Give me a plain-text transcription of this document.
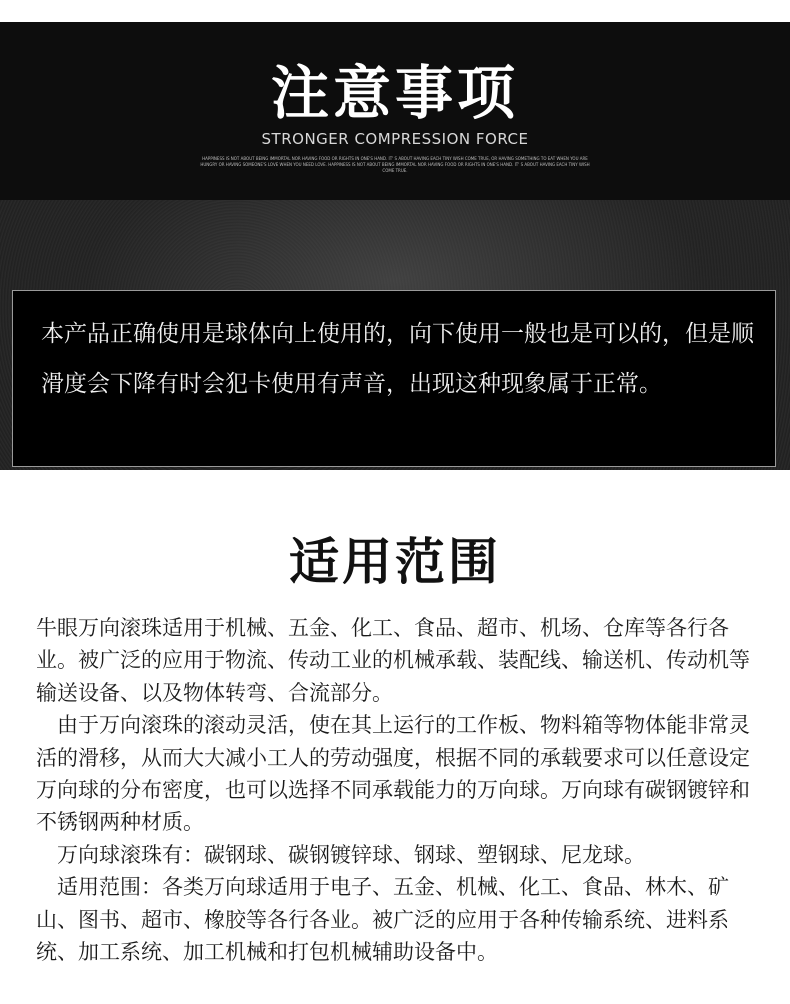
注意事项
STRONGER COMPRESSION FORCE
HAPPINESS IS NOT ABOUT BEING IMMORTAL NOR HAVING FOOD OR RIGHTS IN ONE'S HAND. IT' S ABOUT HAVING EACH TINY WISH COME TRUE, OR HAVING SOMETHING TO EAT WHEN YOU ARE HUNGRY OR HAVING SOMEONE'S LOVE WHEN YOU NEED LOVE. HAPPINESS IS NOT ABOUT BEING IMMORTAL NOR HAVING FOOD OR RIGHTS IN ONE'S HAND. IT' S ABOUT HAVING EACH TINY WISH COME TRUE.
本产品正确使用是球体向上使用的，向下使用一般也是可以的，但是顺滑度会下降有时会犯卡使用有声音，出现这种现象属于正常。
适用范围

牛眼万向滚珠适用于机械、五金、化工、食品、超市、机场、仓库等各行各业。被广泛的应用于物流、传动工业的机械承载、装配线、输送机、传动机等输送设备、以及物体转弯、合流部分。

由于万向滚珠的滚动灵活，使在其上运行的工作板、物料箱等物体能非常灵活的滑移，从而大大减小工人的劳动强度，根据不同的承载要求可以任意设定万向球的分布密度，也可以选择不同承载能力的万向球。万向球有碳钢镀锌和不锈钢两种材质。

万向球滚珠有：碳钢球、碳钢镀锌球、钢球、塑钢球、尼龙球。

适用范围：各类万向球适用于电子、五金、机械、化工、食品、林木、矿山、图书、超市、橡胶等各行各业。被广泛的应用于各种传输系统、进料系统、加工系统、加工机械和打包机械辅助设备中。
